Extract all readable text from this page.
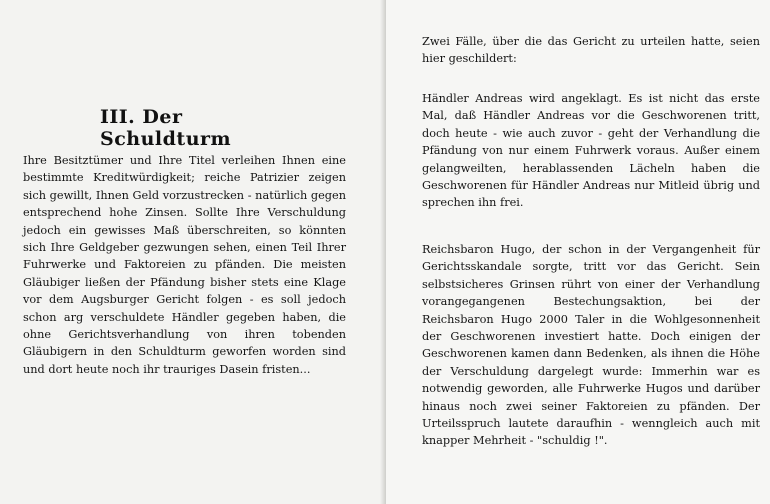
III. Der Schuldturm
Ihre Besitztümer und Ihre Titel verleihen Ihnen eine bestimmte Kreditwürdigkeit; reiche Patrizier zeigen sich gewillt, Ihnen Geld vorzustrecken - natürlich gegen entsprechend hohe Zinsen. Sollte Ihre Verschuldung jedoch ein gewisses Maß überschreiten, so könnten sich Ihre Geldgeber gezwungen sehen, einen Teil Ihrer Fuhrwerke und Faktoreien zu pfänden. Die meisten Gläubiger ließen der Pfändung bisher stets eine Klage vor dem Augsburger Gericht folgen - es soll jedoch schon arg verschuldete Händler gegeben haben, die ohne Gerichtsverhandlung von ihren tobenden Gläubigern in den Schuldturm geworfen worden sind und dort heute noch ihr trauriges Dasein fristen...
Zwei Fälle, über die das Gericht zu urteilen hatte, seien hier geschildert:
Händler Andreas wird angeklagt. Es ist nicht das erste Mal, daß Händler Andreas vor die Geschworenen tritt, doch heute - wie auch zuvor - geht der Verhandlung die Pfändung von nur einem Fuhrwerk voraus. Außer einem gelangweilten, herablassenden Lächeln haben die Geschworenen für Händler Andreas nur Mitleid übrig und sprechen ihn frei.
Reichsbaron Hugo, der schon in der Vergangenheit für Gerichtsskandale sorgte, tritt vor das Gericht. Sein selbstsicheres Grinsen rührt von einer der Verhandlung vorangegangenen Bestechungsaktion, bei der Reichsbaron Hugo 2000 Taler in die Wohlgesonnenheit der Geschworenen investiert hatte. Doch einigen der Geschworenen kamen dann Bedenken, als ihnen die Höhe der Verschuldung dargelegt wurde: Immerhin war es notwendig geworden, alle Fuhrwerke Hugos und darüber hinaus noch zwei seiner Faktoreien zu pfänden. Der Urteilsspruch lautete daraufhin - wenngleich auch mit knapper Mehrheit - "schuldig !".
